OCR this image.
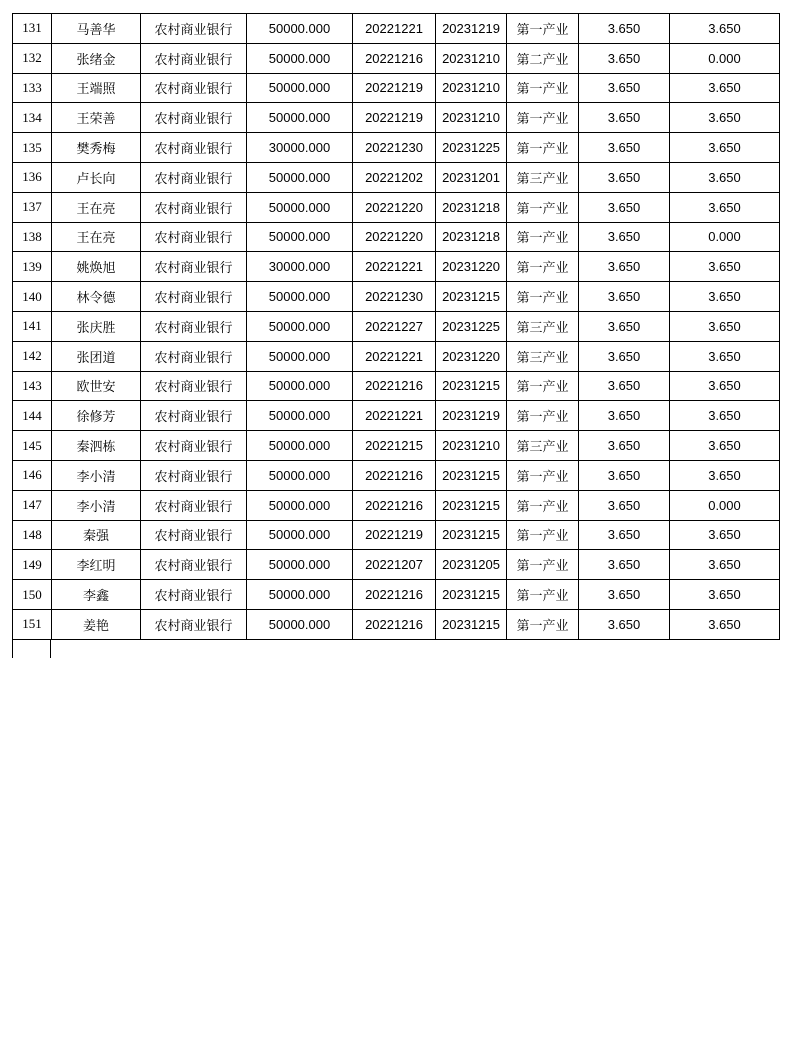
131	马善华	农村商业银行	50000.000	20221221	20231219	第一产业	3.650	3.650
132	张绪金	农村商业银行	50000.000	20221216	20231210	第二产业	3.650	0.000
133	王端照	农村商业银行	50000.000	20221219	20231210	第一产业	3.650	3.650
134	王荣善	农村商业银行	50000.000	20221219	20231210	第一产业	3.650	3.650
135	樊秀梅	农村商业银行	30000.000	20221230	20231225	第一产业	3.650	3.650
136	卢长向	农村商业银行	50000.000	20221202	20231201	第三产业	3.650	3.650
137	王在亮	农村商业银行	50000.000	20221220	20231218	第一产业	3.650	3.650
138	王在亮	农村商业银行	50000.000	20221220	20231218	第一产业	3.650	0.000
139	姚焕旭	农村商业银行	30000.000	20221221	20231220	第一产业	3.650	3.650
140	林令德	农村商业银行	50000.000	20221230	20231215	第一产业	3.650	3.650
141	张庆胜	农村商业银行	50000.000	20221227	20231225	第三产业	3.650	3.650
142	张团道	农村商业银行	50000.000	20221221	20231220	第三产业	3.650	3.650
143	欧世安	农村商业银行	50000.000	20221216	20231215	第一产业	3.650	3.650
144	徐修芳	农村商业银行	50000.000	20221221	20231219	第一产业	3.650	3.650
145	秦泗栋	农村商业银行	50000.000	20221215	20231210	第三产业	3.650	3.650
146	李小清	农村商业银行	50000.000	20221216	20231215	第一产业	3.650	3.650
147	李小清	农村商业银行	50000.000	20221216	20231215	第一产业	3.650	0.000
148	秦强	农村商业银行	50000.000	20221219	20231215	第一产业	3.650	3.650
149	李红明	农村商业银行	50000.000	20221207	20231205	第一产业	3.650	3.650
150	李鑫	农村商业银行	50000.000	20221216	20231215	第一产业	3.650	3.650
151	姜艳	农村商业银行	50000.000	20221216	20231215	第一产业	3.650	3.650
